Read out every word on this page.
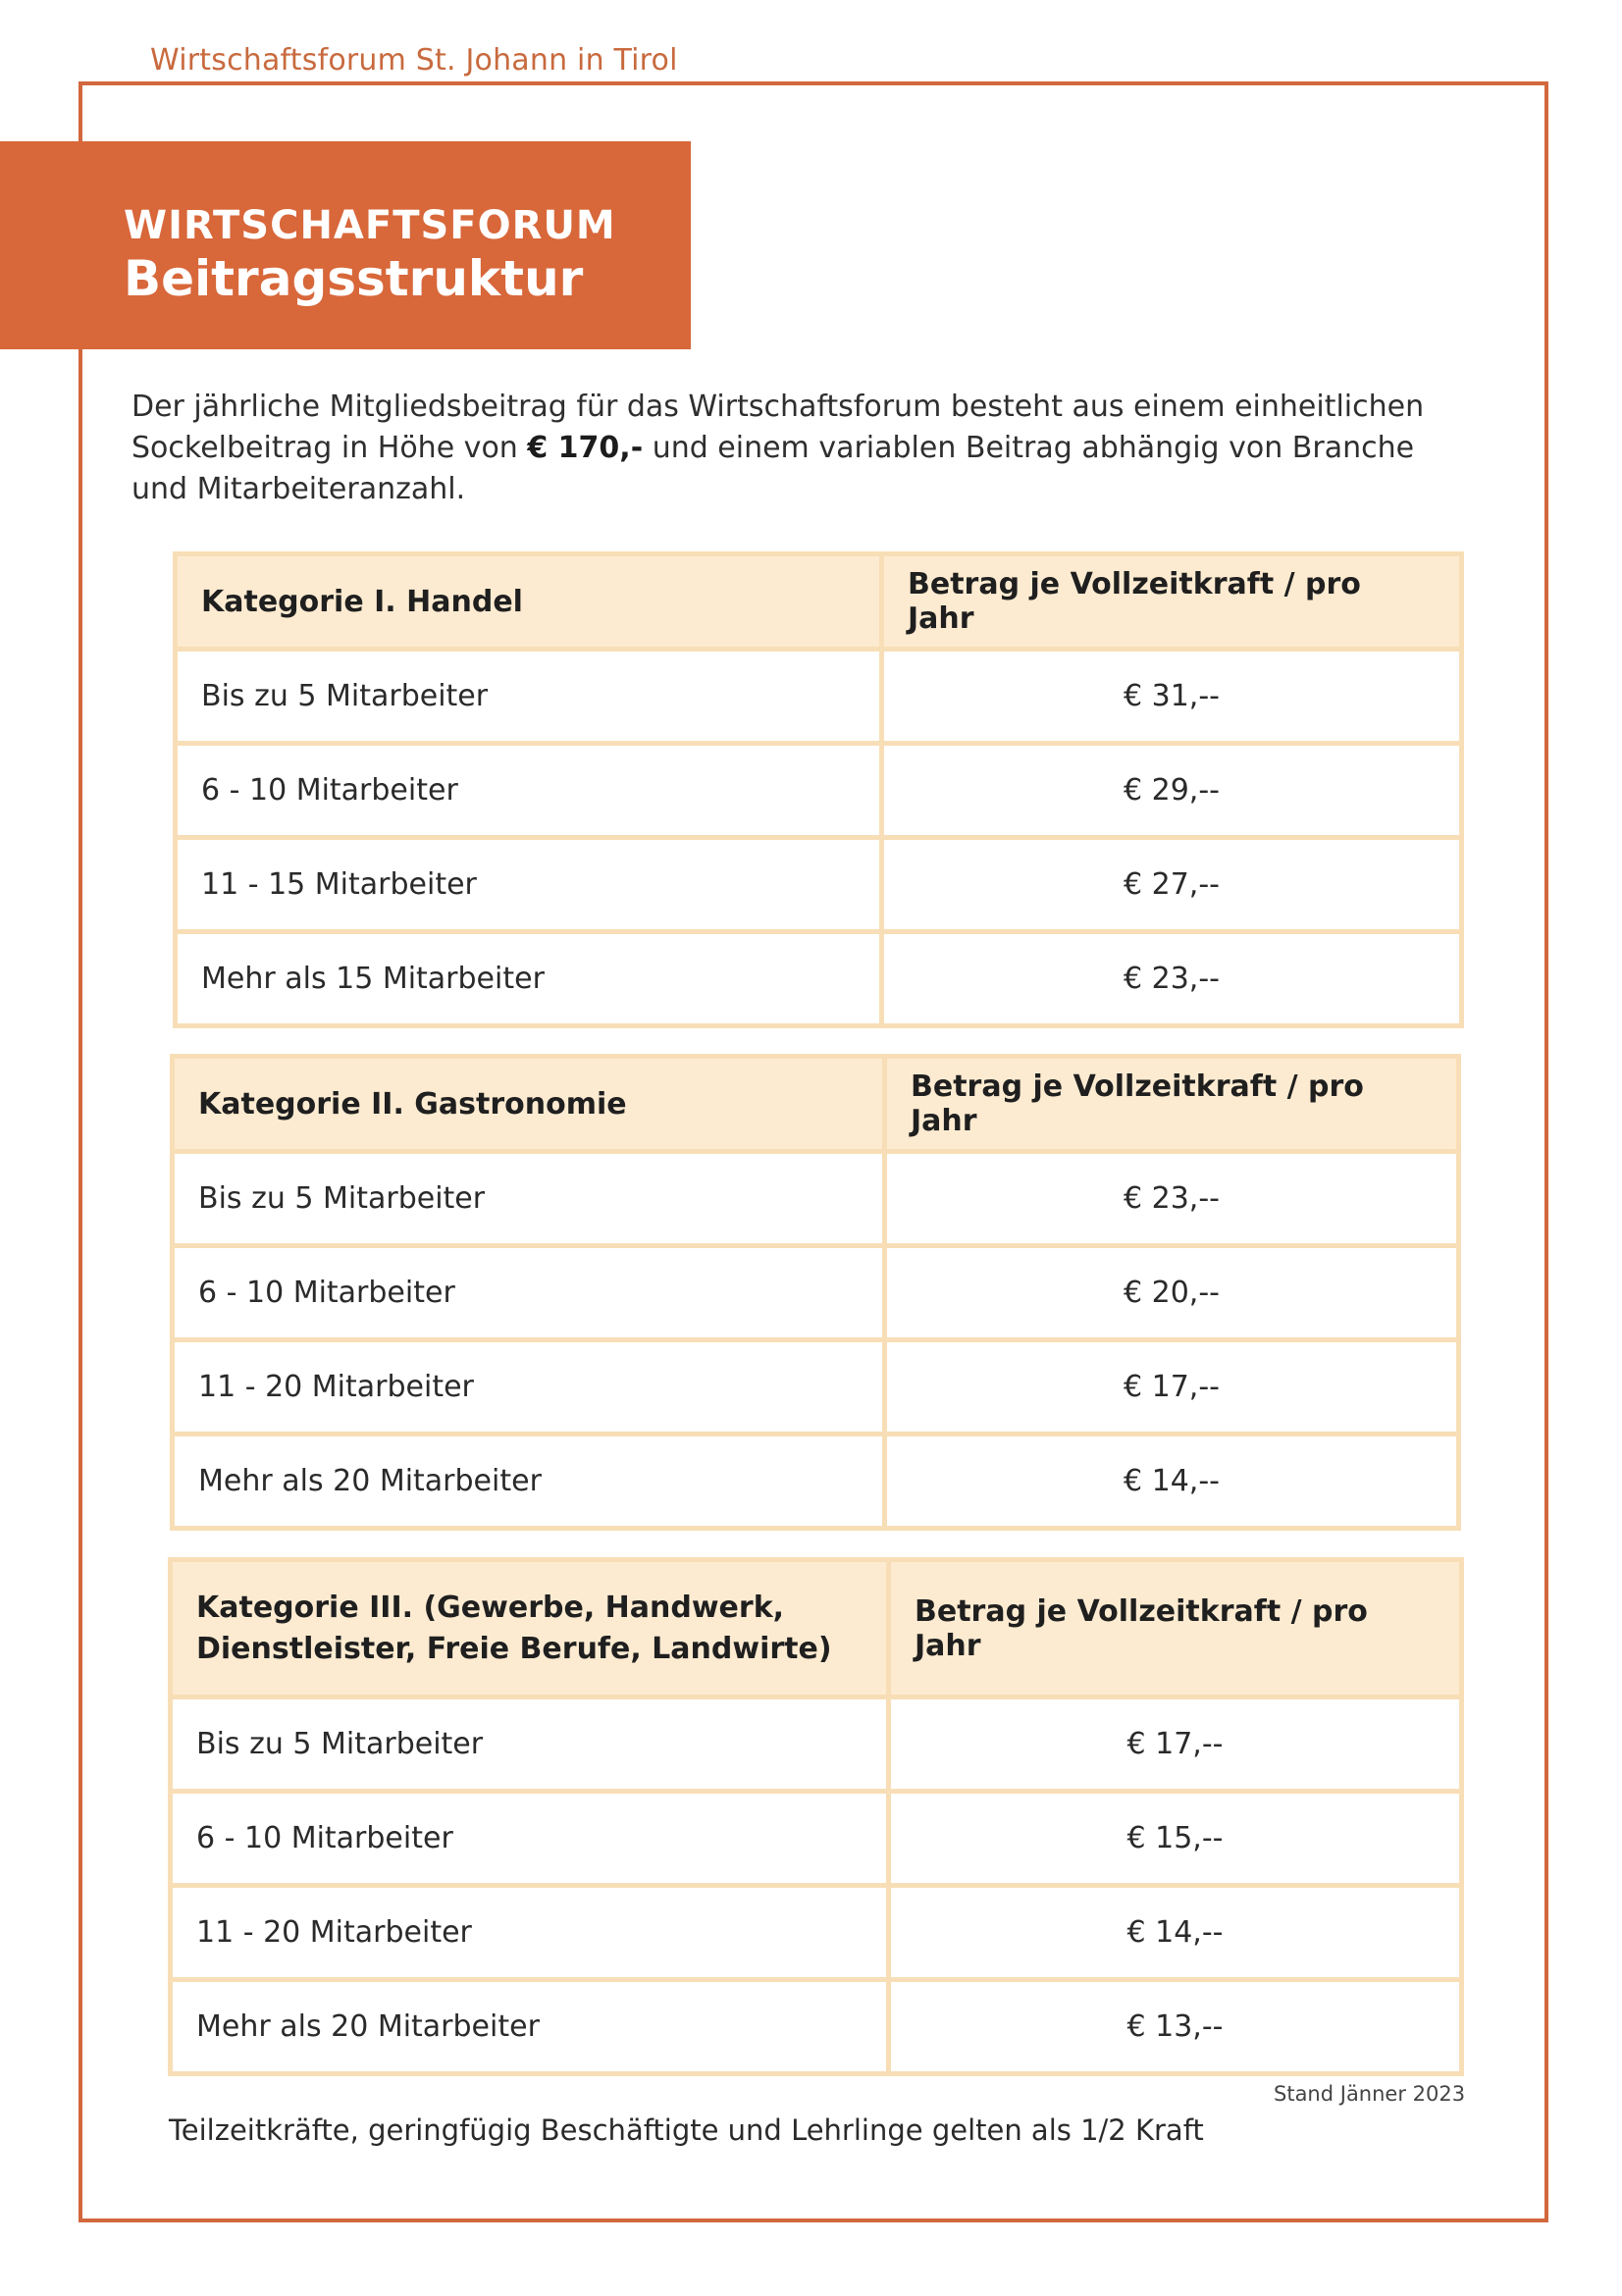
Wirtschaftsforum St. Johann in Tirol
WIRTSCHAFTSFORUM
Beitragsstruktur

Der jährliche Mitgliedsbeitrag für das Wirtschaftsforum besteht aus einem einheitlichen Sockelbeitrag in Höhe von € 170,- und einem variablen Beitrag abhängig von Branche und Mitarbeiteranzahl.

Kategorie I. Handel	Betrag je Vollzeitkraft / pro Jahr
Bis zu 5 Mitarbeiter	€ 31,--
6 - 10 Mitarbeiter	€ 29,--
11 - 15 Mitarbeiter	€ 27,--
Mehr als 15 Mitarbeiter	€ 23,--
Kategorie II. Gastronomie	Betrag je Vollzeitkraft / pro Jahr
Bis zu 5 Mitarbeiter	€ 23,--
6 - 10 Mitarbeiter	€ 20,--
11 - 20 Mitarbeiter	€ 17,--
Mehr als 20 Mitarbeiter	€ 14,--
Kategorie III. (Gewerbe, Handwerk, Dienstleister, Freie Berufe, Landwirte)	Betrag je Vollzeitkraft / pro Jahr
Bis zu 5 Mitarbeiter	€ 17,--
6 - 10 Mitarbeiter	€ 15,--
11 - 20 Mitarbeiter	€ 14,--
Mehr als 20 Mitarbeiter	€ 13,--
Stand Jänner 2023
Teilzeitkräfte, geringfügig Beschäftigte und Lehrlinge gelten als 1/2 Kraft
